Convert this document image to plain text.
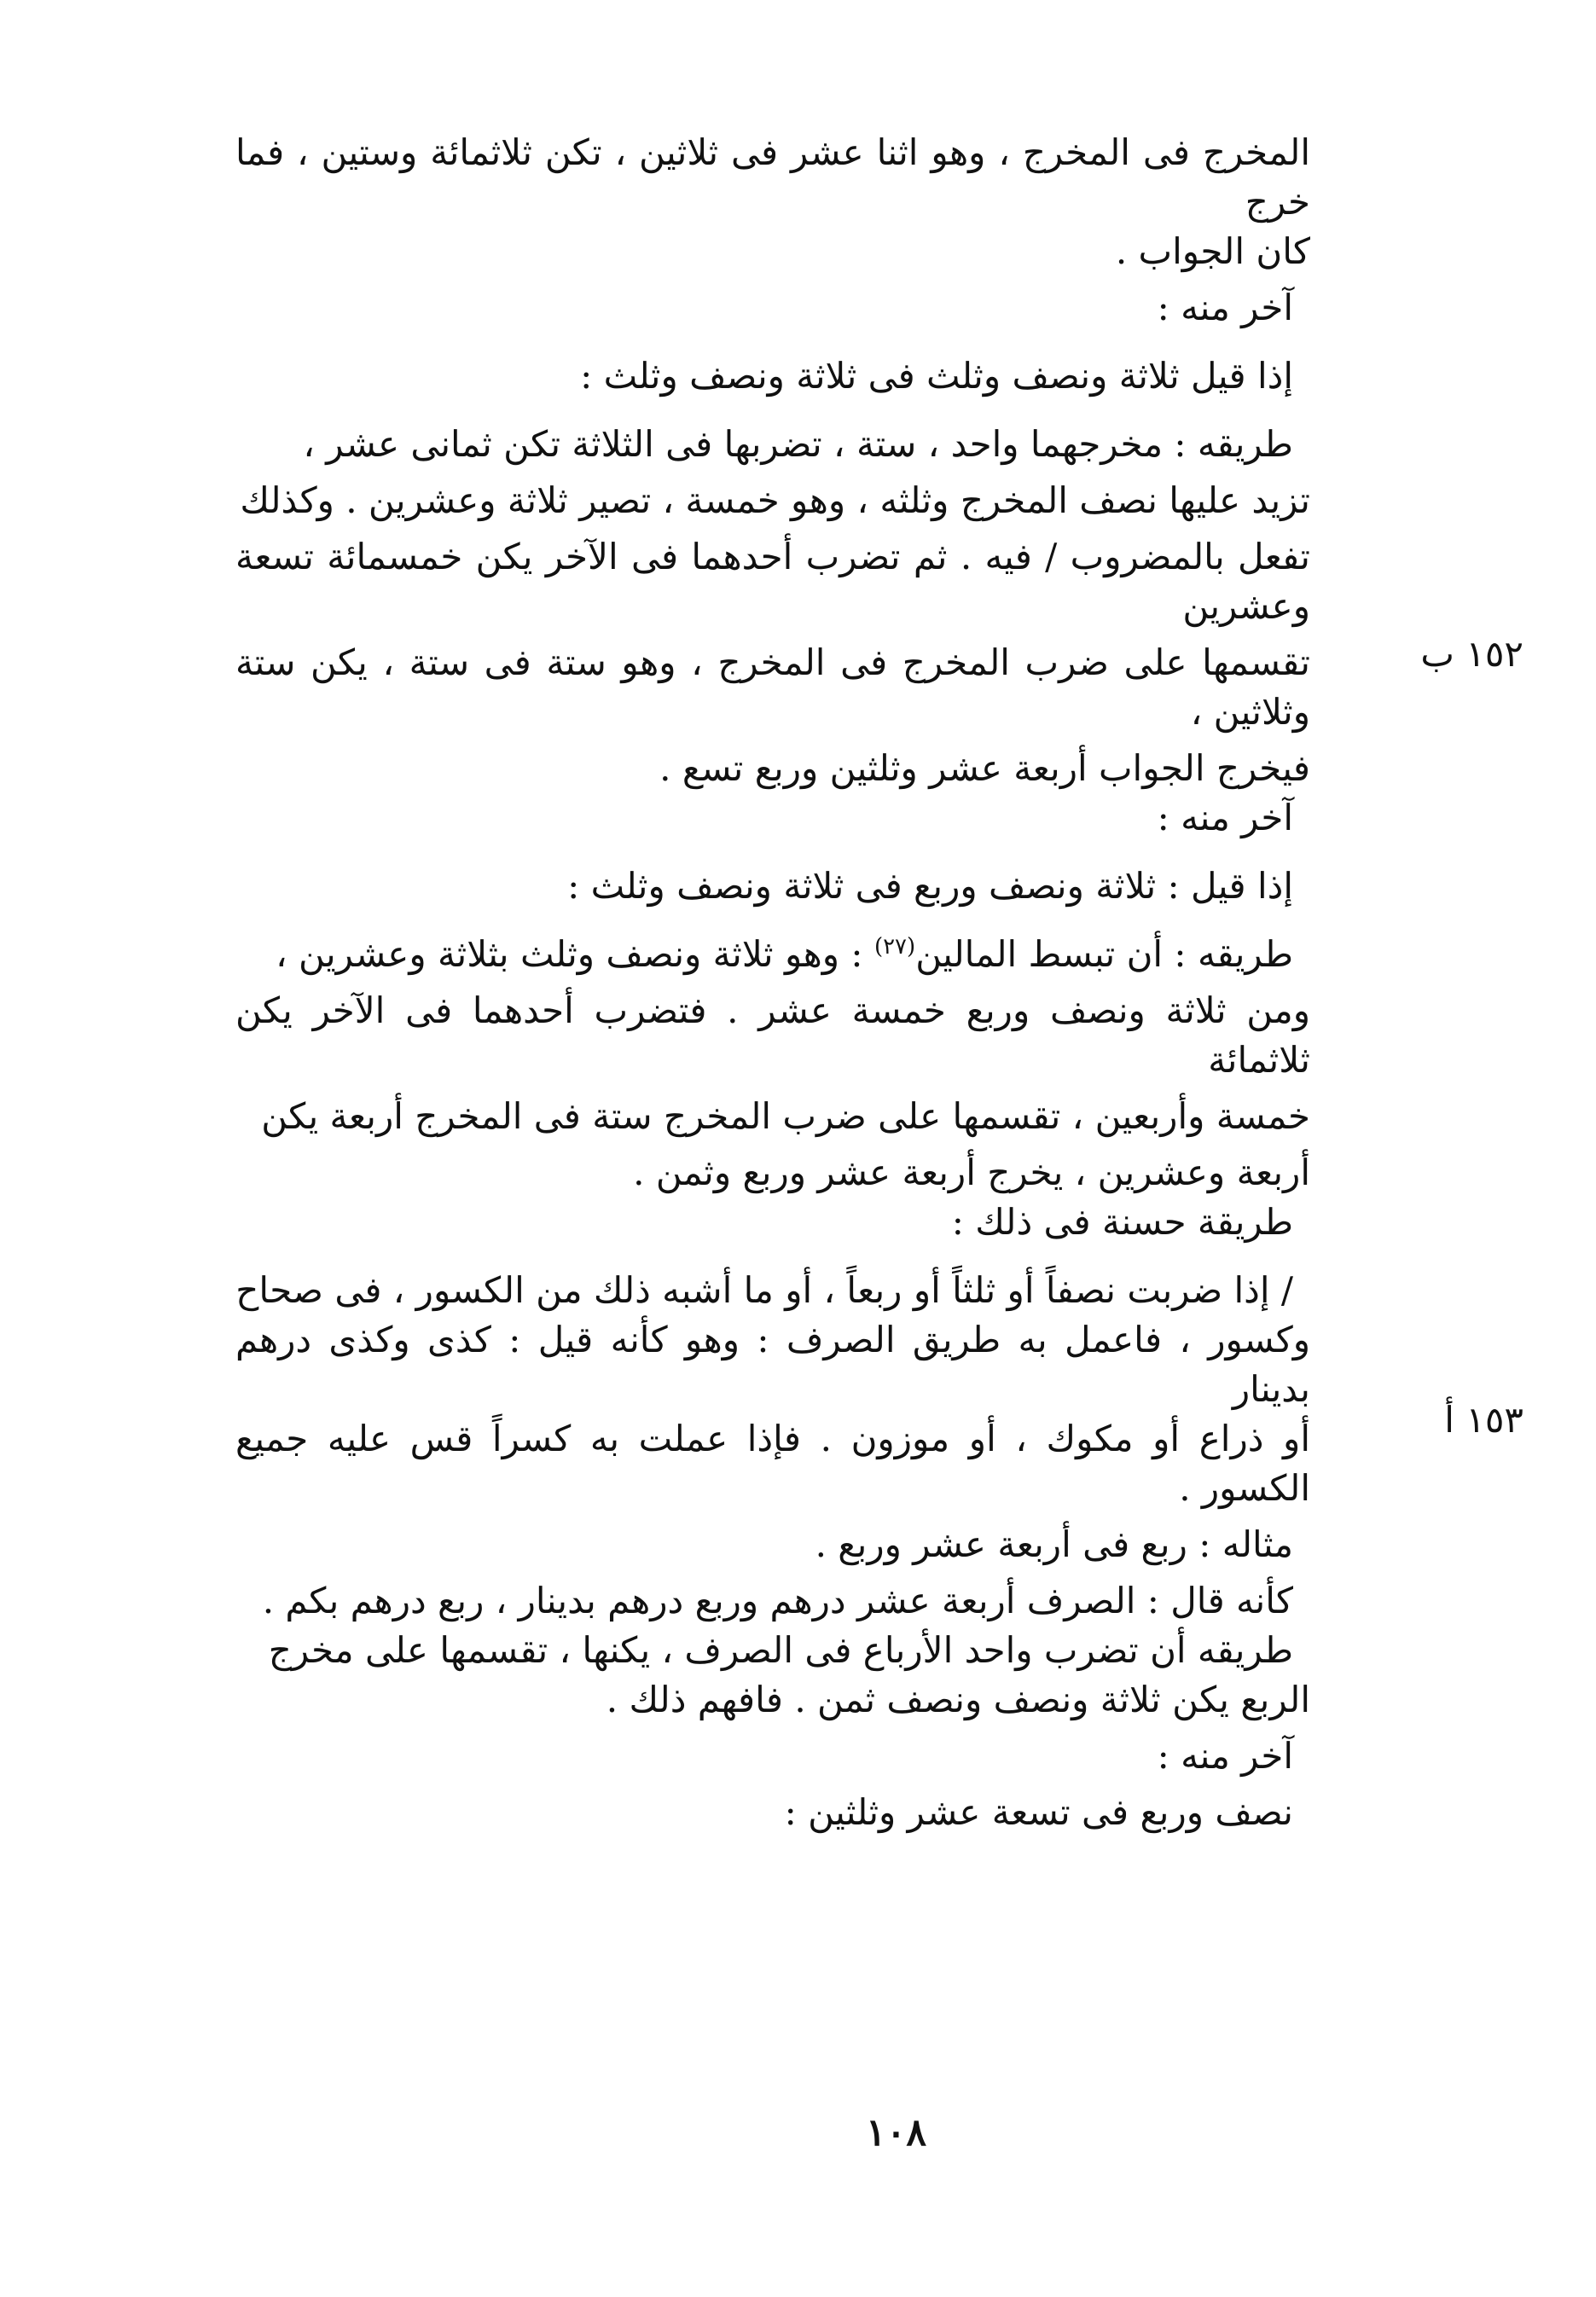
١٥٢ ب
١٥٣ أ

المخرج فى المخرج ، وهو اثنا عشر فى ثلاثين ، تكن ثلاثمائة وستين ، فما خرج

كان الجواب .

آخر منه :

إذا قيل ثلاثة ونصف وثلث فى ثلاثة ونصف وثلث :

طريقه : مخرجهما واحد ، ستة ، تضربها فى الثلاثة تكن ثمانى عشر ،

تزيد عليها نصف المخرج وثلثه ، وهو خمسة ، تصير ثلاثة وعشرين . وكذلك

تفعل بالمضروب / فيه . ثم تضرب أحدهما فى الآخر يكن خمسمائة تسعة وعشرين

تقسمها على ضرب المخرج فى المخرج ، وهو ستة فى ستة ، يكن ستة وثلاثين ،

فيخرج الجواب أربعة عشر وثلثين وربع تسع .

آخر منه :

إذا قيل : ثلاثة ونصف وربع فى ثلاثة ونصف وثلث :

طريقه : أن تبسط المالين$^{(٢٧)}$ : وهو ثلاثة ونصف وثلث بثلاثة وعشرين ،

ومن ثلاثة ونصف وربع خمسة عشر . فتضرب أحدهما فى الآخر يكن ثلاثمائة

خمسة وأربعين ، تقسمها على ضرب المخرج ستة فى المخرج أربعة يكن

أربعة وعشرين ، يخرج أربعة عشر وربع وثمن .

طريقة حسنة فى ذلك :

/ إذا ضربت نصفاً أو ثلثاً أو ربعاً ، أو ما أشبه ذلك من الكسور ، فى صحاح

وكسور ، فاعمل به طريق الصرف : وهو كأنه قيل : كذى وكذى درهم بدينار

أو ذراع أو مكوك ، أو موزون . فإذا عملت به كسراً قس عليه جميع الكسور .

مثاله : ربع فى أربعة عشر وربع .

كأنه قال : الصرف أربعة عشر درهم وربع درهم بدينار ، ربع درهم بكم .

طريقه أن تضرب واحد الأرباع فى الصرف ، يكنها ، تقسمها على مخرج

الربع يكن ثلاثة ونصف ونصف ثمن . فافهم ذلك .

آخر منه :

نصف وربع فى تسعة عشر وثلثين :

١٠٨
